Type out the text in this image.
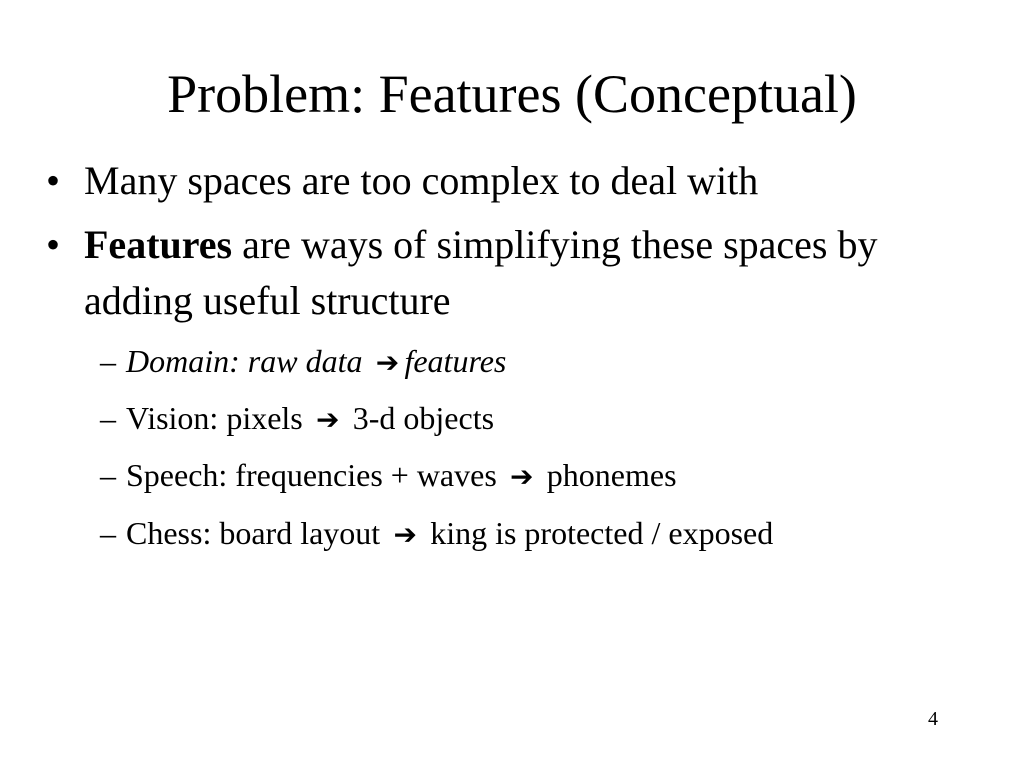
Problem: Features (Conceptual)
• Many spaces are too complex to deal with
• Features are ways of simplifying these spaces by adding useful structure
– Domain: raw data ➔ features
– Vision: pixels ➔ 3-d objects
– Speech: frequencies + waves ➔ phonemes
– Chess: board layout ➔ king is protected / exposed
4
